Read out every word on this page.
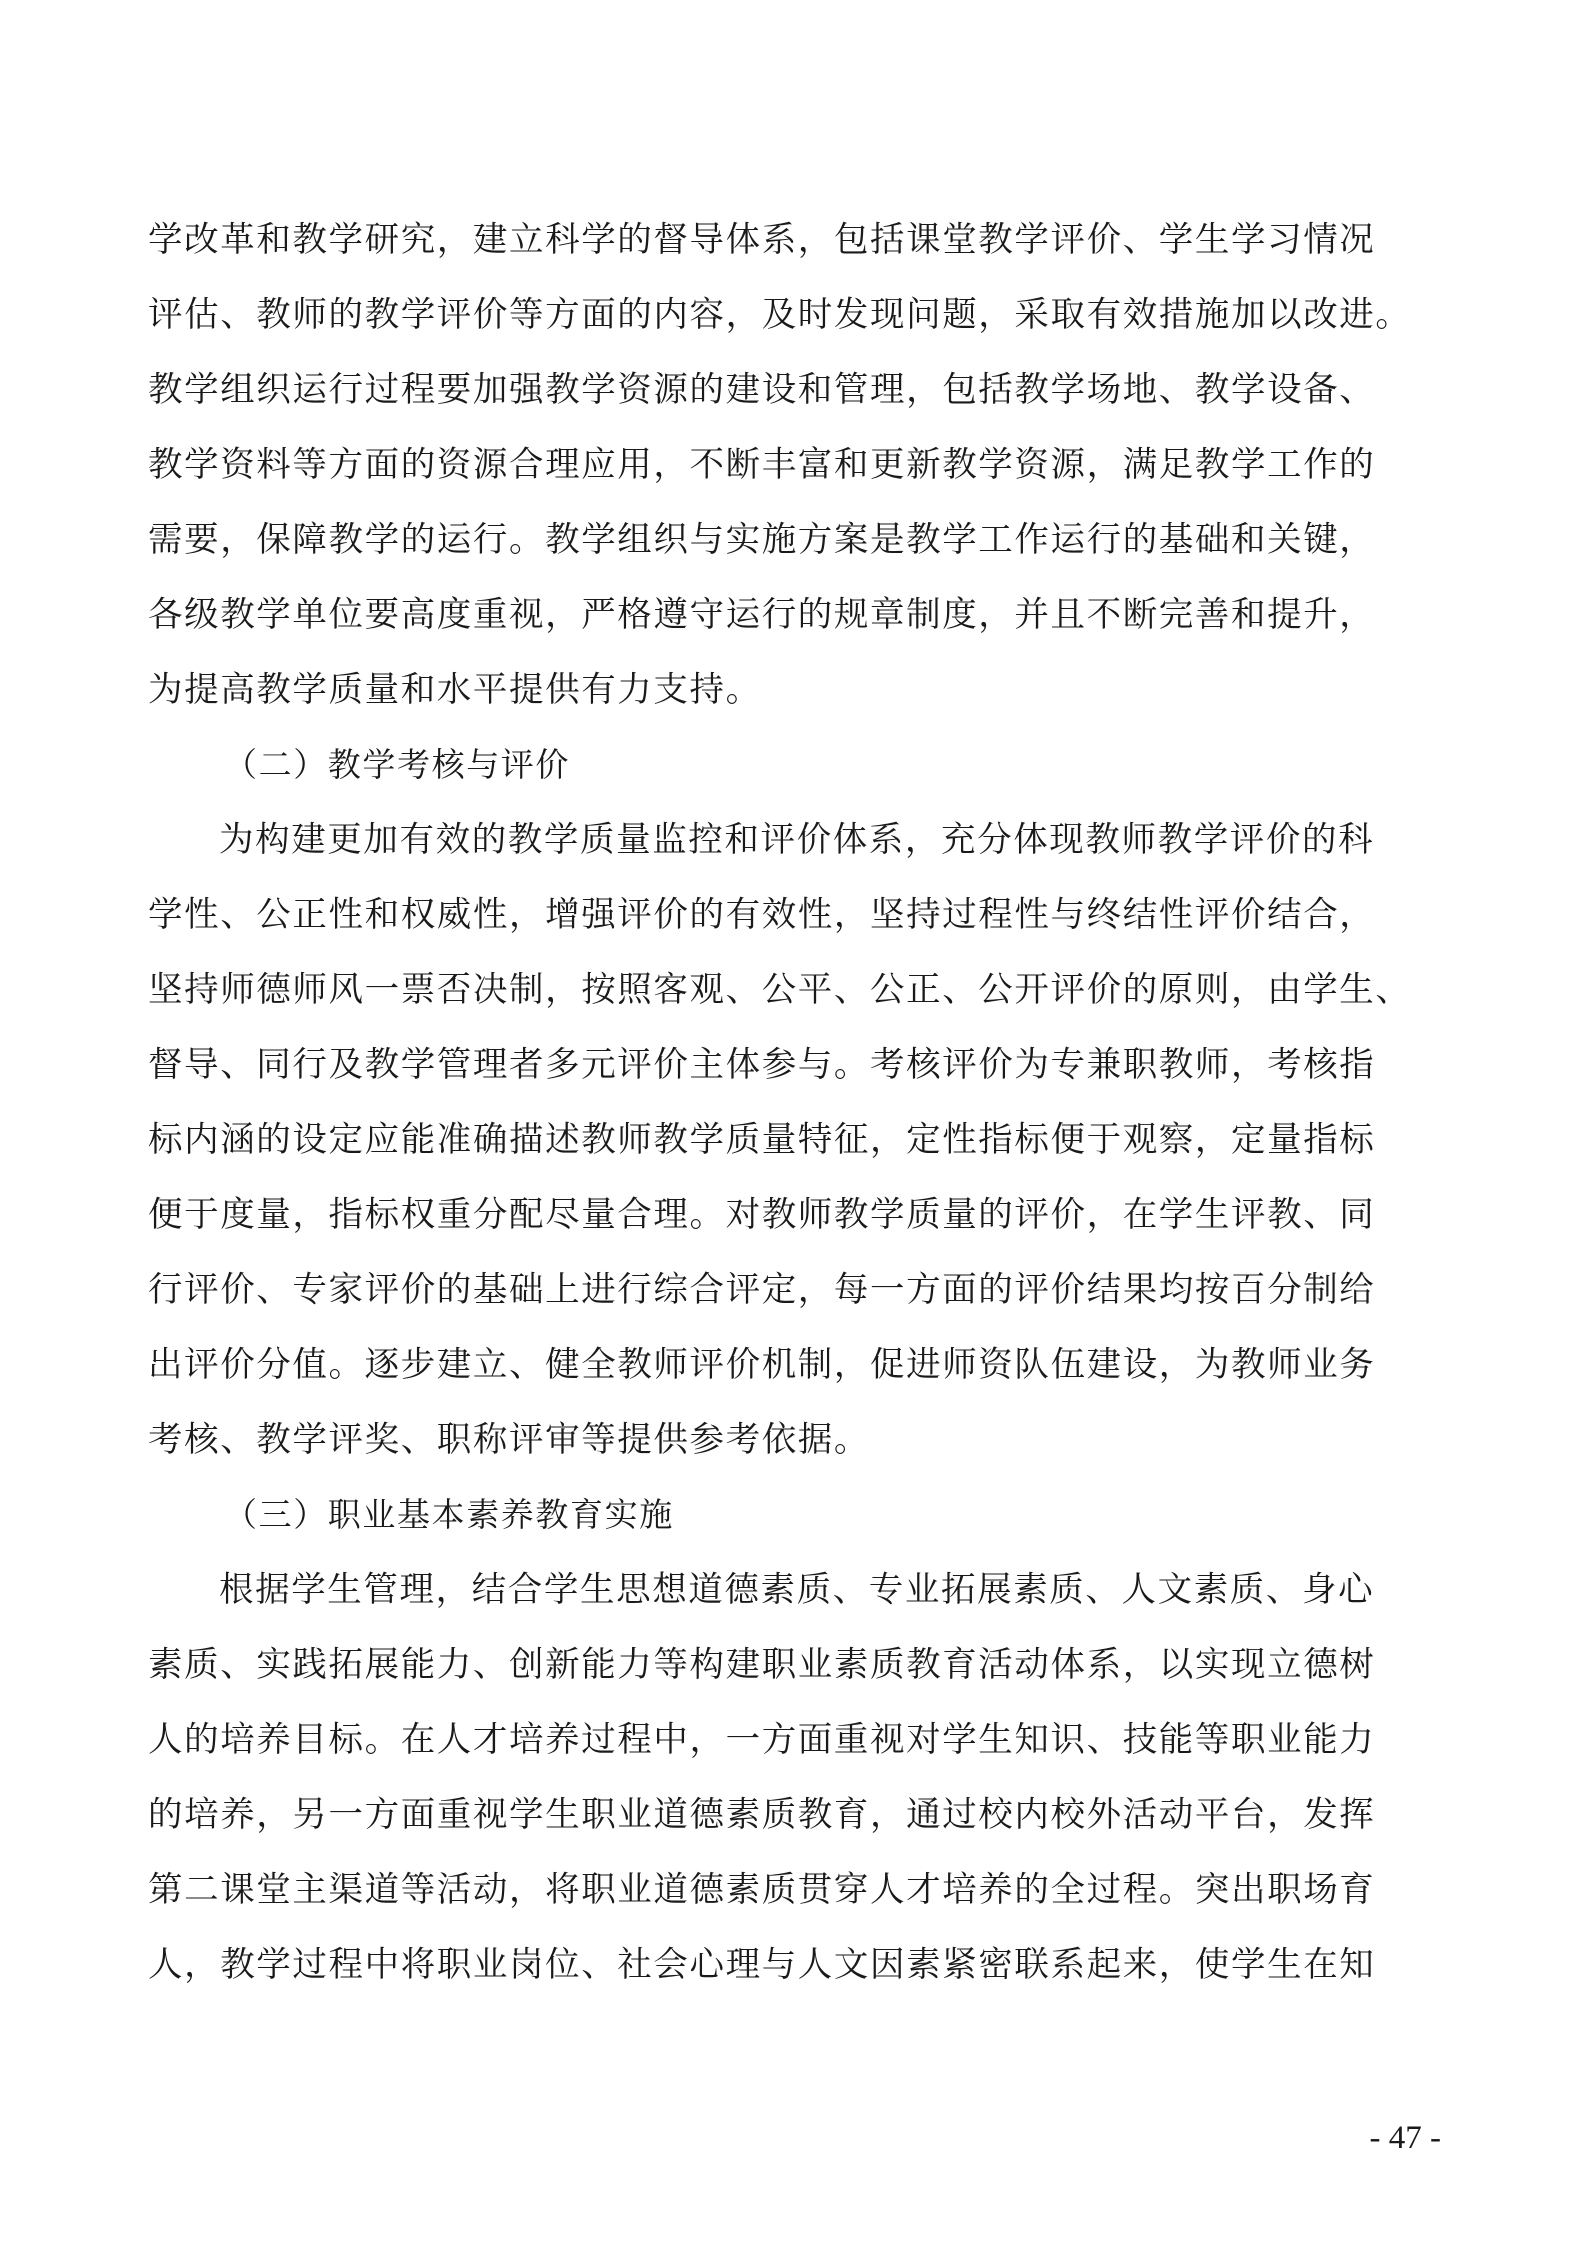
学改革和教学研究，建立科学的督导体系，包括课堂教学评价、学生学习情况

评估、教师的教学评价等方面的内容，及时发现问题，采取有效措施加以改进。

教学组织运行过程要加强教学资源的建设和管理，包括教学场地、教学设备、

教学资料等方面的资源合理应用，不断丰富和更新教学资源，满足教学工作的

需要，保障教学的运行。教学组织与实施方案是教学工作运行的基础和关键，

各级教学单位要高度重视，严格遵守运行的规章制度，并且不断完善和提升，

为提高教学质量和水平提供有力支持。

（二）教学考核与评价

为构建更加有效的教学质量监控和评价体系，充分体现教师教学评价的科

学性、公正性和权威性，增强评价的有效性，坚持过程性与终结性评价结合，

坚持师德师风一票否决制，按照客观、公平、公正、公开评价的原则，由学生、

督导、同行及教学管理者多元评价主体参与。考核评价为专兼职教师，考核指

标内涵的设定应能准确描述教师教学质量特征，定性指标便于观察，定量指标

便于度量，指标权重分配尽量合理。对教师教学质量的评价，在学生评教、同

行评价、专家评价的基础上进行综合评定，每一方面的评价结果均按百分制给

出评价分值。逐步建立、健全教师评价机制，促进师资队伍建设，为教师业务

考核、教学评奖、职称评审等提供参考依据。

（三）职业基本素养教育实施

根据学生管理，结合学生思想道德素质、专业拓展素质、人文素质、身心

素质、实践拓展能力、创新能力等构建职业素质教育活动体系，以实现立德树

人的培养目标。在人才培养过程中，一方面重视对学生知识、技能等职业能力

的培养，另一方面重视学生职业道德素质教育，通过校内校外活动平台，发挥

第二课堂主渠道等活动，将职业道德素质贯穿人才培养的全过程。突出职场育

人，教学过程中将职业岗位、社会心理与人文因素紧密联系起来，使学生在知

- 47 -
